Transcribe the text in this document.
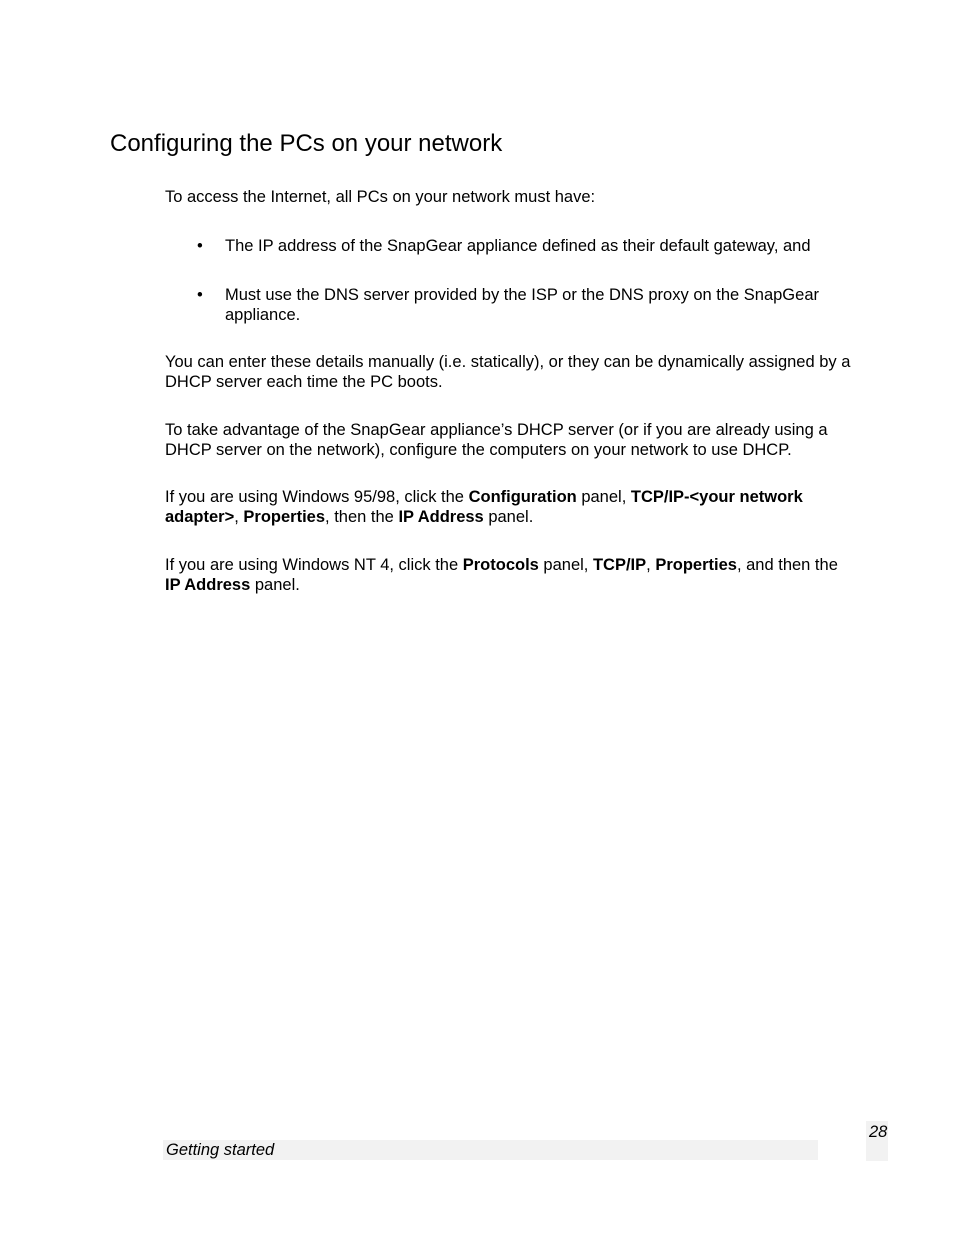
Configuring the PCs on your network

To access the Internet, all PCs on your network must have:

• The IP address of the SnapGear appliance defined as their default gateway, and

• Must use the DNS server provided by the ISP or the DNS proxy on the SnapGear appliance.

You can enter these details manually (i.e. statically), or they can be dynamically assigned by a DHCP server each time the PC boots.

To take advantage of the SnapGear appliance’s DHCP server (or if you are already using a DHCP server on the network), configure the computers on your network to use DHCP.

If you are using Windows 95/98, click the Configuration panel, TCP/IP-<your network adapter>, Properties, then the IP Address panel.

If you are using Windows NT 4, click the Protocols panel, TCP/IP, Properties, and then the IP Address panel.

Getting started
28
